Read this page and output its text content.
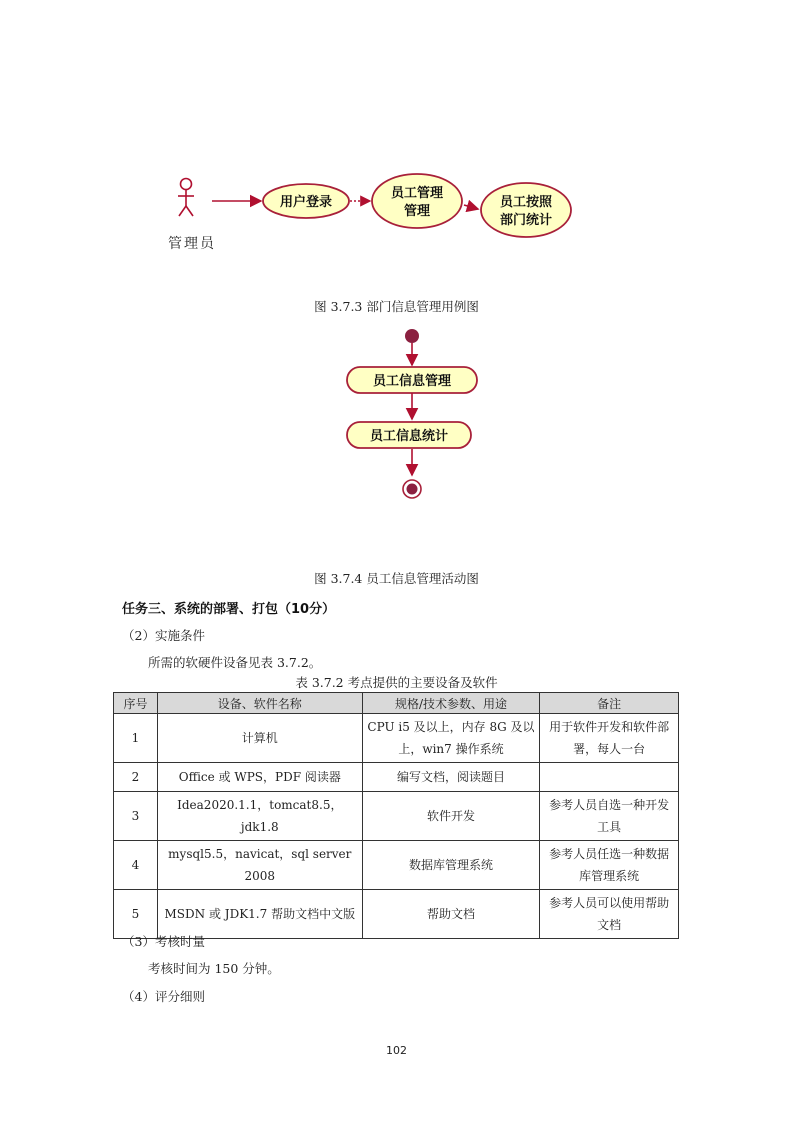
管理员
用户登录
员工管理
管理
员工按照
部门统计
图 3.7.3 部门信息管理用例图
员工信息管理
员工信息统计
图 3.7.4 员工信息管理活动图
任务三、系统的部署、打包（10分）
（2）实施条件
所需的软硬件设备见表 3.7.2。
表 3.7.2 考点提供的主要设备及软件
序号	设备、软件名称	规格/技术参数、用途	备注
1	计算机	CPU i5 及以上，内存 8G 及以上，win7 操作系统	用于软件开发和软件部署，每人一台
2	Office 或 WPS，PDF 阅读器	编写文档，阅读题目	
3	Idea2020.1.1，tomcat8.5，jdk1.8	软件开发	参考人员自选一种开发工具
4	mysql5.5，navicat，sql server 2008	数据库管理系统	参考人员任选一种数据库管理系统
5	MSDN 或 JDK1.7 帮助文档中文版	帮助文档	参考人员可以使用帮助文档
（3）考核时量
考核时间为 150 分钟。
（4）评分细则
102
